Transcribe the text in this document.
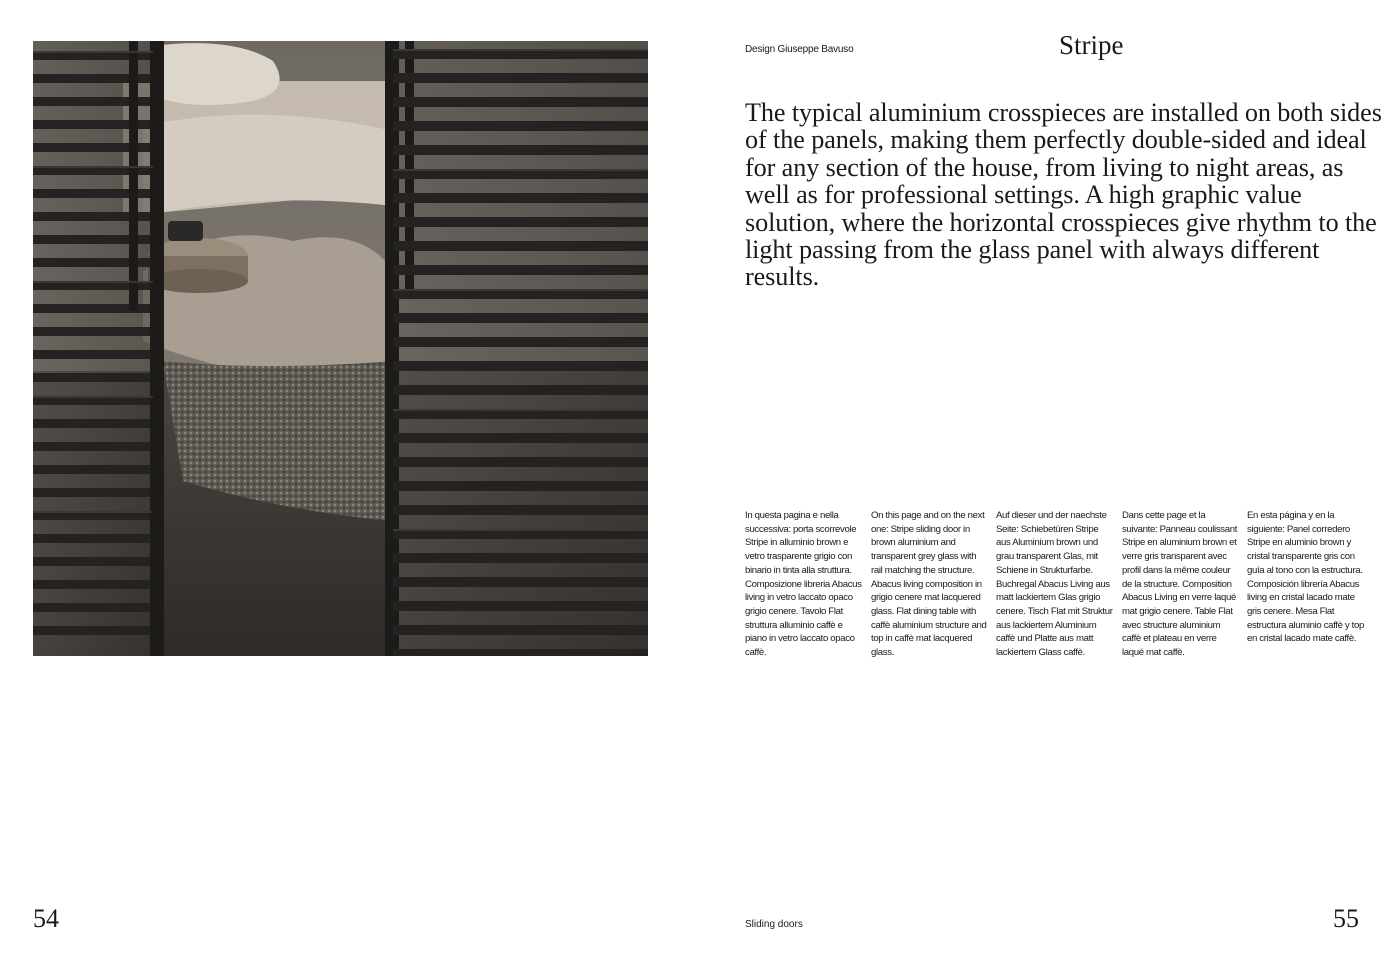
Design Giuseppe Bavuso	Stripe

The typical aluminium crosspieces are installed on both sides of the panels, making them perfectly double-sided and ideal for any section of the house, from living to night areas, as well as for professional settings. A high graphic value solution, where the horizontal crosspieces give rhythm to the light passing from the glass panel with always different results.

In questa pagina e nella successiva: porta scorrevole Stripe in alluminio brown e vetro trasparente grigio con binario in tinta alla struttura. Composizione libreria Abacus living in vetro laccato opaco grigio cenere. Tavolo Flat struttura alluminio caffè e piano in vetro laccato opaco caffè.

On this page and on the next one: Stripe sliding door in brown aluminium and transparent grey glass with rail matching the structure. Abacus living composition in grigio cenere mat lacquered glass. Flat dining table with caffè aluminium structure and top in caffè mat lacquered glass.

Auf dieser und der naechste Seite: Schiebetüren Stripe aus Aluminium brown und grau transparent Glas, mit Schiene in Strukturfarbe. Buchregal Abacus Living aus matt lackiertem Glas grigio cenere. Tisch Flat mit Struktur aus lackiertem Aluminium caffè und Platte aus matt lackiertem Glass caffè.

Dans cette page et la suivante: Panneau coulissant Stripe en aluminium brown et verre gris transparent avec profil dans la même couleur de la structure. Composition Abacus Living en verre laqué mat grigio cenere. Table Flat avec structure aluminium caffè et plateau en verre laqué mat caffè.

En esta página y en la siguiente: Panel corredero Stripe en aluminio brown y cristal transparente gris con guía al tono con la estructura. Composición librería Abacus living en cristal lacado mate gris cenere. Mesa Flat estructura aluminio caffè y top en cristal lacado mate caffè.

54	Sliding doors	55
